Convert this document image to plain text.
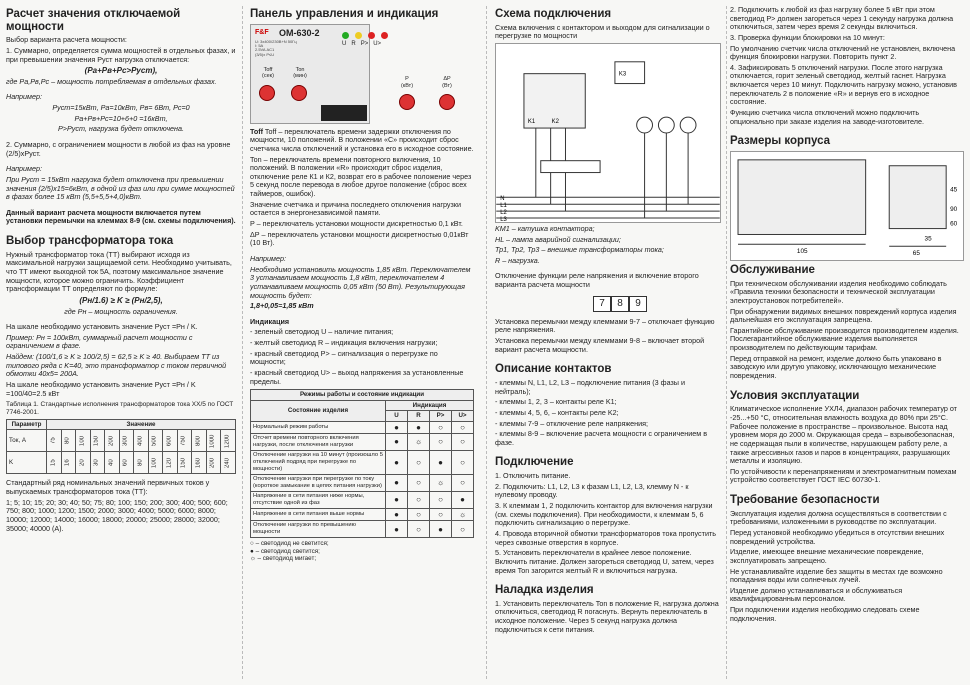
Расчет значения отключаемой мощности

Выбор варианта расчета мощности:

1. Суммарно, определяется сумма мощностей в отдельных фазах, и при превышении значения Руст нагрузка отключается:

(Pa+Pв+Pc>Pуст),

где Pa,Pв,Pc – мощность потребляемая в отдельных фазах.

Например:

Pуст=15кВт, Pa=10кВт, Pв= 6Вт, Pc=0

Pa+Pв+Pc=10+6+0 =16кВт,

P>Pуст, нагрузка будет отключена.

2. Суммарно, с ограничением мощности в любой из фаз на уровне (2/5)хPуст.

Например:

При Руст = 15кВт нагрузка будет отключена при превышении значения (2/5)х15=6кВт, в одной из фаз или при сумме мощностей в фазах более 15 кВт (5,5+5,5+4,0)кВт.

Данный вариант расчета мощности включается путем установки перемычки на клеммах 8-9 (см. схемы подключения).

Выбор трансформатора тока

Нужный трансформатор тока (ТТ) выбирают исходя из максимальной нагрузки защищаемой сети. Необходимо учитывать, что ТТ имеют выходной ток 5А, поэтому максимальное значение мощности, которое можно ограничить. Коэффициент трансформации ТТ определяют по формуле:

(Pн/1.6) ≥ K ≥ (Pн/2,5),

где Pн – мощность ограничения.

На шкале необходимо установить значение Pуст =Pн / K.

Пример: Pн = 100кВт, суммарный расчет мощности с ограничением в фазе.

Найдем: (100/1,6 ≥ K ≥ 100/2,5) = 62,5 ≥ K ≥ 40. Выбираем ТТ из типового ряда с K=40, это трансформатор с током первичной обмотки 40х5= 200А.

На шкале необходимо установить значение Pуст =Pн / K =100/40=2.5 кВт

Таблица 1. Стандартные исполнения трансформаторов тока ХХ/5 по ГОСТ 7746-2001.

Параметр	Значение												
Ток, А	75	80	100	150	200	300	400	500	600	750	800	1000	1200
K	15	16	20	30	40	60	80	100	120	150	160	200	240

Стандартный ряд номинальных значений первичных токов у выпускаемых трансформаторов тока (ТТ):

1; 5; 10; 15; 20; 30; 40; 50; 75; 80; 100; 150; 200; 300; 400; 500; 600; 750; 800; 1000; 1200; 1500; 2000; 3000; 4000; 5000; 6000; 8000; 10000; 12000; 14000; 16000; 18000; 20000; 25000; 28000; 32000; 35000; 40000 (А).

Панель управления и индикация
F&F OM-630-2
U: 3x400/230В+N 50Гц
I: 5А
2.5VA АС1
(3/5)х P≤U
Toff
(сек)
Ton
(мин)
U R P> U>
P
(кВт)
ΔP
(Вт)

Toff Toff – переключатель времени задержки отключения по мощности, 10 положений. В положении «С» происходит сброс счетчика числа отключений и установка его в исходное состояние.

Ton – переключатель времени повторного включения, 10 положений. В положении «R» происходит сброс изделия, отключение реле К1 и К2, возврат его в рабочее положение через 5 секунд после перевода в любое другое положение (сброс всех таймеров, ошибок).

Значение счетчика и причина последнего отключения нагрузки остается в энергонезависимой памяти.

P – переключатель установки мощности дискретностью 0,1 кВт.

ΔP – переключатель установки мощности дискретностью 0,01кВт (10 Вт).

Например:

Необходимо установить мощность 1,85 кВт. Переключателем 3 устанавливаем мощность 1,8 кВт, переключателем 4 устанавливаем мощность 0,05 кВт (50 Вт). Результирующая мощность будет:

1,8+0,05=1,85 кВт

Индикация

- зеленый светодиод U – наличие питания;

- желтый светодиод R – индикация включения нагрузки;

- красный светодиод P> – сигнализация о перегрузке по мощности;

- красный светодиод U> – выход напряжения за установленные пределы.

Режимы работы и состояние индикации				
Состояние изделия	Индикация			
	U	R	P>	U>
Нормальный режим работы	●	●	○	○
Отсчет времени повторного включения нагрузки, после отключения нагрузки	●	☼	○	○
Отключение нагрузки на 10 минут (произошло 5 отключений подряд при перегрузке по мощности)	●	○	●	○
Отключение нагрузки при перегрузке по току (короткое замыкание в цепях питания нагрузки)	●	○	☼	○
Напряжение в сети питания ниже нормы, отсутствие одной из фаз	●	○	○	●
Напряжение в сети питания выше нормы	●	○	○	☼
Отключение нагрузки по превышению мощности	●	○	●	○

○ – светодиод не светится;

● – светодиод светится;

☼ – светодиод мигает;

Схема подключения

Схема включения с контактором и выходом для сигнализации о перегрузке по мощности

N
L1
L2
L3
K1	K2
K3

KM1 – катушка контактора;

HL – лампа аварийной сигнализации;

Тр1, Тр2, Тр3 – внешние трансформаторы тока;

R – нагрузка.

Отключение функции реле напряжения и включение второго варианта расчета мощности

7	8	9

Установка перемычки между клеммами 9-7 – отключает функцию реле напряжения.

Установка перемычки между клеммами 9-8 – включает второй вариант расчета мощности.

Описание контактов

- клеммы N, L1, L2, L3 – подключение питания (3 фазы и нейтраль);

- клеммы 1, 2, 3 – контакты реле K1;

- клеммы 4, 5, 6, – контакты реле K2;

- клеммы 7-9 – отключение реле напряжения;

- клеммы 8-9 – включение расчета мощности с ограничением в фазе.

Подключение

1. Отключить питание.

2. Подключить: L1, L2, L3 к фазам L1, L2, L3, клемму N - к нулевому проводу.

3. К клеммам 1, 2 подключить контактор для включения нагрузки (см. схемы подключения). При необходимости, к клеммам 5, 6 подключить сигнализацию о перегрузке.

4. Провода вторичной обмотки трансформаторов тока пропустить через сквозные отверстия в корпусе.

5. Установить переключатели в крайнее левое положение. Включить питание. Должен загореться светодиод U, затем, через время Ton загорится желтый R и включиться нагрузка.

Наладка изделия

1. Установить переключатель Ton в положение R, нагрузка должна отключиться, светодиод R погаснуть. Вернуть переключатель в исходное положение. Через 5 секунд нагрузка должна подключиться к сети питания.

2. Подключить к любой из фаз нагрузку более 5 кВт при этом светодиод P> должен загореться через 1 секунду нагрузка должна отключиться, затем через время 2 секунды включиться.

3. Проверка функции блокировки на 10 минут:

По умолчанию счетчик числа отключений не установлен, включена функция блокировки нагрузки. Повторить пункт 2.

4. Зафиксировать 5 отключений нагрузки. После этого нагрузка отключается, горит зеленый светодиод, желтый гаснет. Нагрузка включается через 10 минут. Подключить нагрузку можно, установив переключатель 2 в положение «R» и вернув его в исходное состояние.

Функцию счетчика числа отключений можно подключить опционально при заказе изделия на заводе-изготовителе.

Размеры корпуса
105
45
90
65
35
60
Обслуживание

При техническом обслуживании изделия необходимо соблюдать «Правила техники безопасности и технической эксплуатации электроустановок потребителей».

При обнаружении видимых внешних повреждений корпуса изделия дальнейшая его эксплуатация запрещена.

Гарантийное обслуживание производится производителем изделия. Послегарантийное обслуживание изделия выполняется производителем по действующим тарифам.

Перед отправкой на ремонт, изделие должно быть упаковано в заводскую или другую упаковку, исключающую механические повреждения.

Условия эксплуатации

Климатическое исполнение УХЛ4, диапазон рабочих температур от -25...+50 °C, относительная влажность воздуха до 80% при 25°С. Рабочее положение в пространстве – произвольное. Высота над уровнем моря до 2000 м. Окружающая среда – взрывобезопасная, не содержащая пыли в количестве, нарушающем работу реле, а также агрессивных газов и паров в концентрациях, разрушающих металлы и изоляцию.

По устойчивости к перенапряжениям и электромагнитным помехам устройство соответствует ГОСТ IEC 60730-1.

Требование безопасности

Эксплуатация изделия должна осуществляться в соответствии с требованиями, изложенными в руководстве по эксплуатации.

Перед установкой необходимо убедиться в отсутствии внешних повреждений устройства.

Изделие, имеющее внешние механические повреждение, эксплуатировать запрещено.

Не устанавливайте изделие без защиты в местах где возможно попадания воды или солнечных лучей.

Изделие должно устанавливаться и обслуживаться квалифицированным персоналом.

При подключении изделия необходимо следовать схеме подключения.
